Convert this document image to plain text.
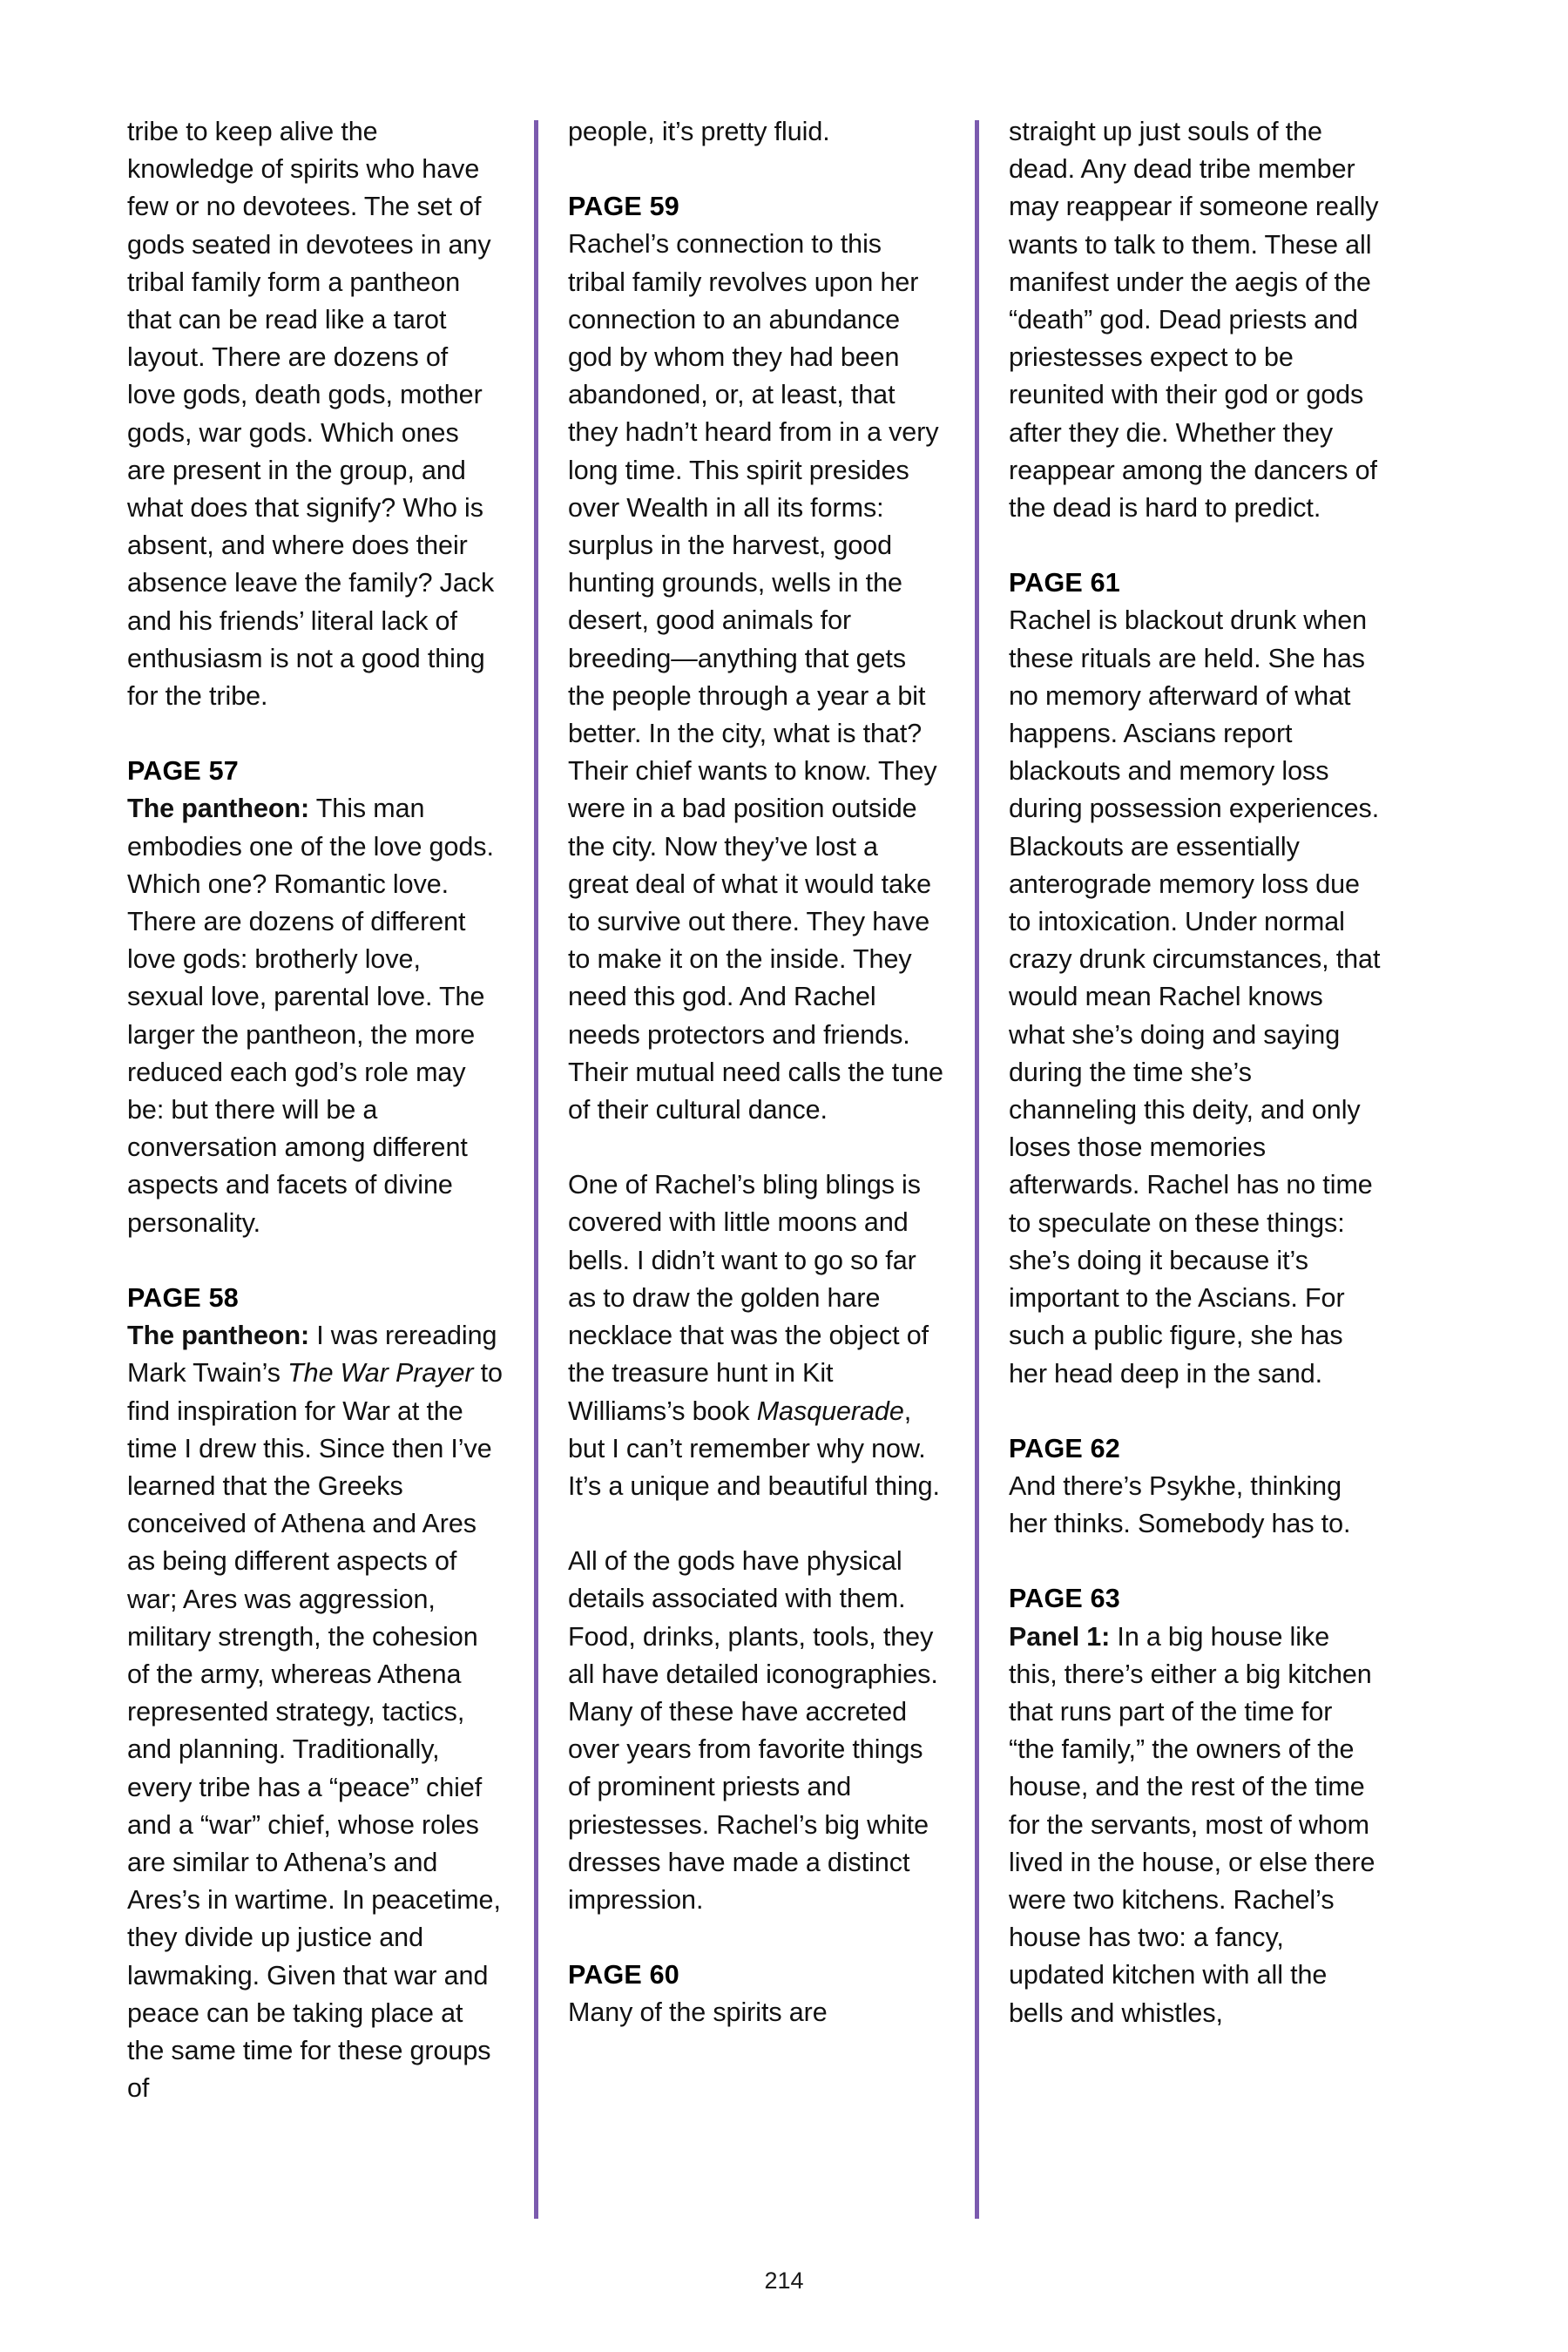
tribe to keep alive the knowledge of spirits who have few or no devotees. The set of gods seated in devotees in any tribal family form a pantheon that can be read like a tarot layout. There are dozens of love gods, death gods, mother gods, war gods. Which ones are present in the group, and what does that signify? Who is absent, and where does their absence leave the family? Jack and his friends’ literal lack of enthusiasm is not a good thing for the tribe.

PAGE 57

The pantheon: This man embodies one of the love gods. Which one? Romantic love. There are dozens of different love gods: brotherly love, sexual love, parental love. The larger the pantheon, the more reduced each god’s role may be: but there will be a conversation among different aspects and facets of divine personality.

PAGE 58

The pantheon: I was rereading Mark Twain’s The War Prayer to find inspiration for War at the time I drew this. Since then I’ve learned that the Greeks conceived of Athena and Ares as being different aspects of war; Ares was aggression, military strength, the cohesion of the army, whereas Athena represented strategy, tactics, and planning. Traditionally, every tribe has a “peace” chief and a “war” chief, whose roles are similar to Athena’s and Ares’s in wartime. In peacetime, they divide up justice and lawmaking. Given that war and peace can be taking place at the same time for these groups of

people, it’s pretty fluid.

PAGE 59

Rachel’s connection to this tribal family revolves upon her connection to an abundance god by whom they had been abandoned, or, at least, that they hadn’t heard from in a very long time. This spirit presides over Wealth in all its forms: surplus in the harvest, good hunting grounds, wells in the desert, good animals for breeding—anything that gets the people through a year a bit better. In the city, what is that? Their chief wants to know. They were in a bad position outside the city. Now they’ve lost a great deal of what it would take to survive out there. They have to make it on the inside. They need this god. And Rachel needs protectors and friends. Their mutual need calls the tune of their cultural dance.

One of Rachel’s bling blings is covered with little moons and bells. I didn’t want to go so far as to draw the golden hare necklace that was the object of the treasure hunt in Kit Williams’s book Masquerade, but I can’t remember why now. It’s a unique and beautiful thing.

All of the gods have physical details associated with them. Food, drinks, plants, tools, they all have detailed iconographies. Many of these have accreted over years from favorite things of prominent priests and priestesses. Rachel’s big white dresses have made a distinct impression.

PAGE 60

Many of the spirits are

straight up just souls of the dead. Any dead tribe member may reappear if someone really wants to talk to them. These all manifest under the aegis of the “death” god. Dead priests and priestesses expect to be reunited with their god or gods after they die. Whether they reappear among the dancers of the dead is hard to predict.

PAGE 61

Rachel is blackout drunk when these rituals are held. She has no memory afterward of what happens. Ascians report blackouts and memory loss during possession experiences. Blackouts are essentially anterograde memory loss due to intoxication. Under normal crazy drunk circumstances, that would mean Rachel knows what she’s doing and saying during the time she’s channeling this deity, and only loses those memories afterwards. Rachel has no time to speculate on these things: she’s doing it because it’s important to the Ascians. For such a public figure, she has her head deep in the sand.

PAGE 62

And there’s Psykhe, thinking her thinks. Somebody has to.

PAGE 63

Panel 1: In a big house like this, there’s either a big kitchen that runs part of the time for “the family,” the owners of the house, and the rest of the time for the servants, most of whom lived in the house, or else there were two kitchens. Rachel’s house has two: a fancy, updated kitchen with all the bells and whistles,

214
